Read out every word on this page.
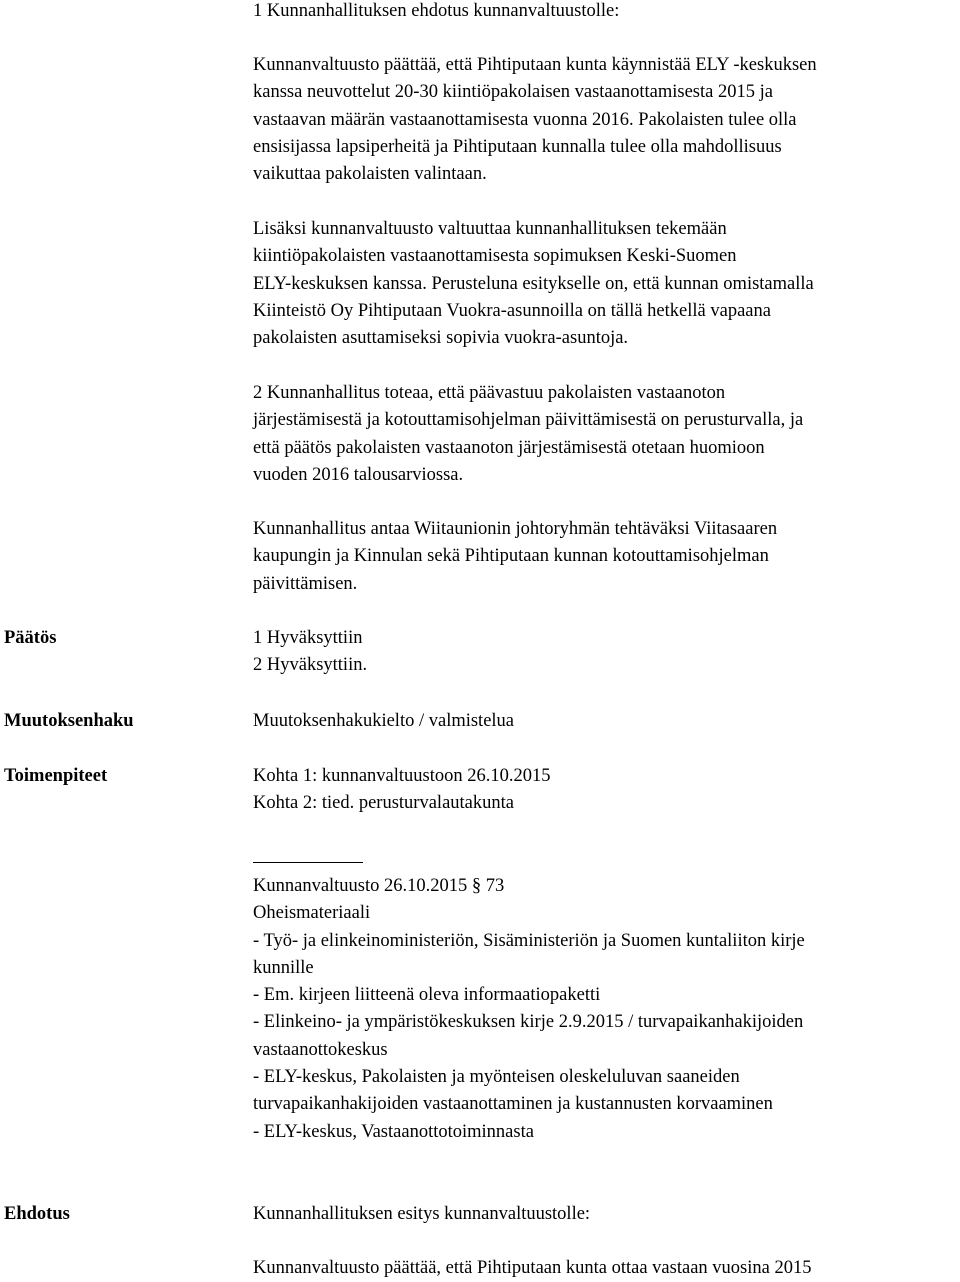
1 Kunnanhallituksen ehdotus kunnanvaltuustolle:
Kunnanvaltuusto päättää, että Pihtiputaan kunta käynnistää ELY -keskuksen
kanssa neuvottelut 20-30 kiintiöpakolaisen vastaanottamisesta 2015 ja
vastaavan määrän vastaanottamisesta vuonna 2016. Pakolaisten tulee olla
ensisijassa lapsiperheitä ja Pihtiputaan kunnalla tulee olla mahdollisuus
vaikuttaa pakolaisten valintaan.
Lisäksi kunnanvaltuusto valtuuttaa kunnanhallituksen tekemään
kiintiöpakolaisten vastaanottamisesta sopimuksen Keski-Suomen
ELY-keskuksen kanssa. Perusteluna esitykselle on, että kunnan omistamalla
Kiinteistö Oy Pihtiputaan Vuokra-asunnoilla on tällä hetkellä vapaana
pakolaisten asuttamiseksi sopivia vuokra-asuntoja.
2 Kunnanhallitus toteaa, että päävastuu pakolaisten vastaanoton
järjestämisestä ja kotouttamisohjelman päivittämisestä on perusturvalla, ja
että päätös pakolaisten vastaanoton järjestämisestä otetaan huomioon
vuoden 2016 talousarviossa.
Kunnanhallitus antaa Wiitaunionin johtoryhmän tehtäväksi Viitasaaren
kaupungin ja Kinnulan sekä Pihtiputaan kunnan kotouttamisohjelman
päivittämisen.
Päätös	1 Hyväksyttiin
2 Hyväksyttiin.
Muutoksenhaku	Muutoksenhakukielto / valmistelua
Toimenpiteet	Kohta 1: kunnanvaltuustoon 26.10.2015
Kohta 2: tied. perusturvalautakunta
Kunnanvaltuusto 26.10.2015 § 73
Oheismateriaali
- Työ- ja elinkeinoministeriön, Sisäministeriön ja Suomen kuntaliiton kirje
kunnille
- Em. kirjeen liitteenä oleva informaatiopaketti
- Elinkeino- ja ympäristökeskuksen kirje 2.9.2015 / turvapaikanhakijoiden
vastaanottokeskus
- ELY-keskus, Pakolaisten ja myönteisen oleskeluluvan saaneiden
turvapaikanhakijoiden vastaanottaminen ja kustannusten korvaaminen
- ELY-keskus, Vastaanottotoiminnasta
Ehdotus	Kunnanhallituksen esitys kunnanvaltuustolle:
Kunnanvaltuusto päättää, että Pihtiputaan kunta ottaa vastaan vuosina 2015
